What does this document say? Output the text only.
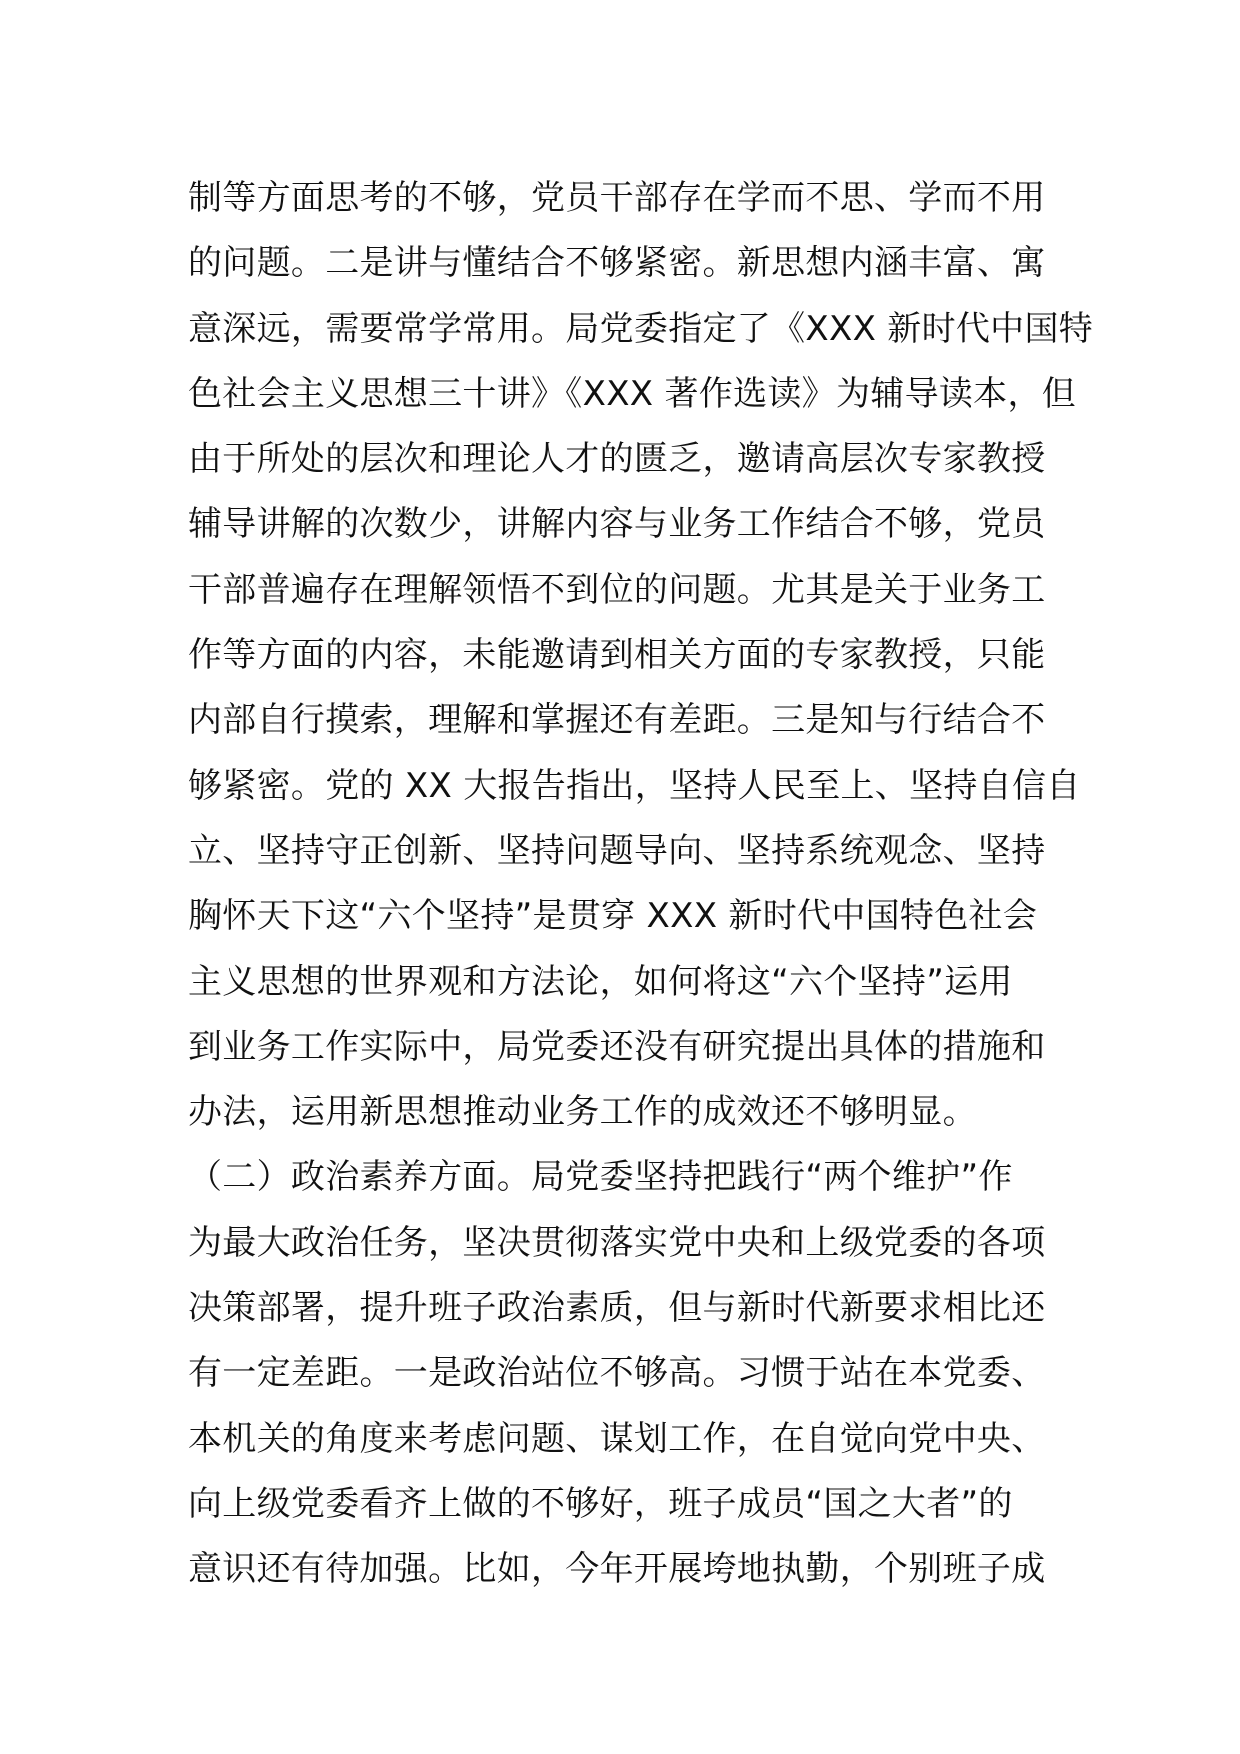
制等方面思考的不够，党员干部存在学而不思、学而不用
的问题。二是讲与懂结合不够紧密。新思想内涵丰富、寓
意深远，需要常学常用。局党委指定了《XXX 新时代中国特
色社会主义思想三十讲》《XXX 著作选读》为辅导读本，但
由于所处的层次和理论人才的匮乏，邀请高层次专家教授
辅导讲解的次数少，讲解内容与业务工作结合不够，党员
干部普遍存在理解领悟不到位的问题。尤其是关于业务工
作等方面的内容，未能邀请到相关方面的专家教授，只能
内部自行摸索，理解和掌握还有差距。三是知与行结合不
够紧密。党的 XX 大报告指出，坚持人民至上、坚持自信自
立、坚持守正创新、坚持问题导向、坚持系统观念、坚持
胸怀天下这“六个坚持”是贯穿 XXX 新时代中国特色社会
主义思想的世界观和方法论，如何将这“六个坚持”运用
到业务工作实际中，局党委还没有研究提出具体的措施和
办法，运用新思想推动业务工作的成效还不够明显。
（二）政治素养方面。局党委坚持把践行“两个维护”作
为最大政治任务，坚决贯彻落实党中央和上级党委的各项
决策部署，提升班子政治素质，但与新时代新要求相比还
有一定差距。一是政治站位不够高。习惯于站在本党委、
本机关的角度来考虑问题、谋划工作，在自觉向党中央、
向上级党委看齐上做的不够好，班子成员“国之大者”的
意识还有待加强。比如，今年开展垮地执勤，个别班子成
